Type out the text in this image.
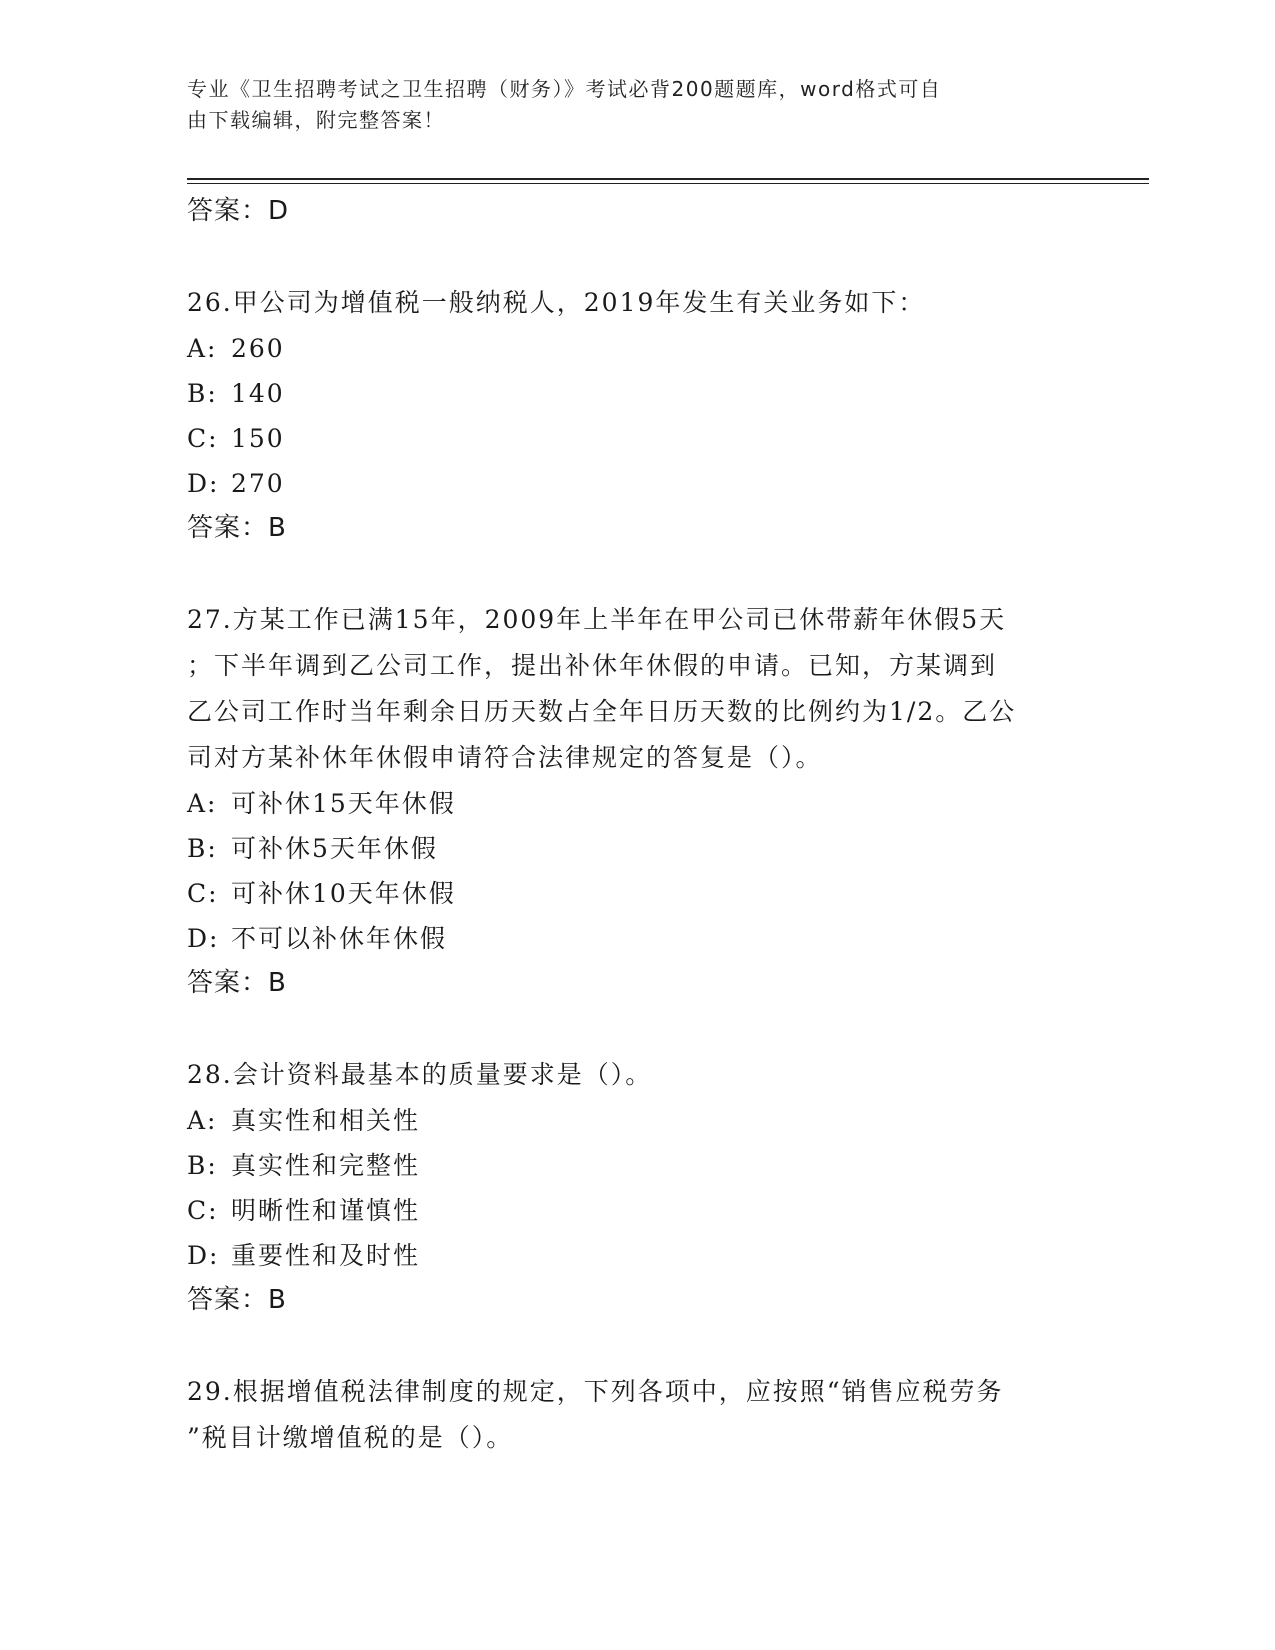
专业《卫生招聘考试之卫生招聘（财务）》考试必背200题题库，word格式可自
由下载编辑，附完整答案！
答案：D
26.甲公司为增值税一般纳税人，2019年发生有关业务如下：
A: 260
B: 140
C: 150
D: 270
答案：B
27.方某工作已满15年，2009年上半年在甲公司已休带薪年休假5天
；下半年调到乙公司工作，提出补休年休假的申请。已知，方某调到
乙公司工作时当年剩余日历天数占全年日历天数的比例约为1/2。乙公
司对方某补休年休假申请符合法律规定的答复是（）。
A: 可补休15天年休假
B: 可补休5天年休假
C: 可补休10天年休假
D: 不可以补休年休假
答案：B
28.会计资料最基本的质量要求是（）。
A: 真实性和相关性
B: 真实性和完整性
C: 明晰性和谨慎性
D: 重要性和及时性
答案：B
29.根据增值税法律制度的规定，下列各项中，应按照“销售应税劳务
”税目计缴增值税的是（）。
